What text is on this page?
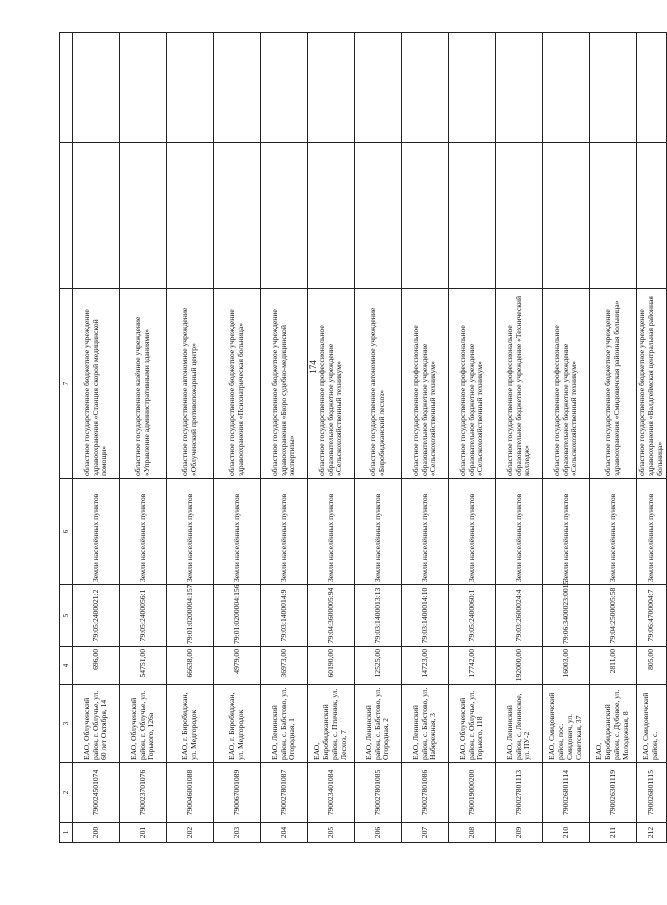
174
1	2	3	4	5	6	7		
200	790024501074	ЕАО, Облученский район, г. Облучье, ул. 60 лет Октября, 14	696,00	79:05:2400021:2	Земли населённых пунктов	областное государственное бюджетное учреждение здравоохранения «Станция скорой медицинской помощи»		
201	790023701076	ЕАО, Облученский район, г. Облучье, ул. Горького, 126а	54751,00	79:05:2400056:1	Земли населённых пунктов	областное государственное казённое учреждение «Управление административными зданиями»		
202	790046001088	ЕАО, г. Биробиджан, ул. Медгородок	66638,00	79:01:0200004:157	Земли населённых пунктов	областное государственное автономное учреждение «Облученский противопожарный центр»		
203	790067001089	ЕАО, г. Биробиджан, ул. Медгородок	4979,00	79:01:0200004:156	Земли населённых пунктов	областное государственное бюджетное учреждение здравоохранения «Психиатрическая больница»		
204	790027801087	ЕАО, Ленинский район, с. Бабстово, ул. Огородная, 1	36973,00	79:03:1400014:9	Земли населённых пунктов	областное государственное бюджетное учреждение здравоохранения «Бюро судебно-медицинской экспертизы»		
205	790023401084	ЕАО, Биробиджанский район, с. Птичник, ул. Лесхоз, 7	60190,00	79:04:3600005:94	Земли населённых пунктов	областное государственное профессиональное образовательное бюджетное учреждение «Сельскохозяйственный техникум»		
206	790027801085	ЕАО, Ленинский район, с. Бабстово, ул. Огородная, 2	12525,00	79:03:1400013:13	Земли населённых пунктов	областное государственное автономное учреждение «Биробиджанский лесхоз»		
207	790027801086	ЕАО, Ленинский район, с. Бабстово, ул. Набережная, 3	14723,00	79:03:1400014:10	Земли населённых пунктов	областное государственное профессиональное образовательное бюджетное учреждение «Сельскохозяйственный техникум»		
208	790019000200	ЕАО, Облученский район, г. Облучье, ул. Горького, 118	17742,00	79:05:2400060:1	Земли населённых пунктов	областное государственное профессиональное образовательное бюджетное учреждение «Сельскохозяйственный техникум»		
209	790027801113	ЕАО, Ленинский район, с. Ленинское, ул. ПУ-2	192000,00	79:03:2600024:4	Земли населённых пунктов	областное государственное профессиональное образовательное бюджетное учреждение «Технический колледж»		
210	790026801114	ЕАО, Смидовичский район, пос. Смидович, ул. Советская, 37	16003,00	79:06:3400023:0015	Земли населённых пунктов	областное государственное профессиональное образовательное бюджетное учреждение «Сельскохозяйственный техникум»		
211	790026301119	ЕАО, Биробиджанский район, с. Дубовое, ул. Молодежная, 8	2811,00	79:04:2500005:58	Земли населённых пунктов	областное государственное бюджетное учреждение здравоохранения «Смидовичская районная больница»		
212	790026801115	ЕАО, Смидовичский район, с.	805,00	79:06:4700004:7	Земли населённых пунктов	областное государственное бюджетное учреждение здравоохранения «Валдгеймская центральная районная больница»		
